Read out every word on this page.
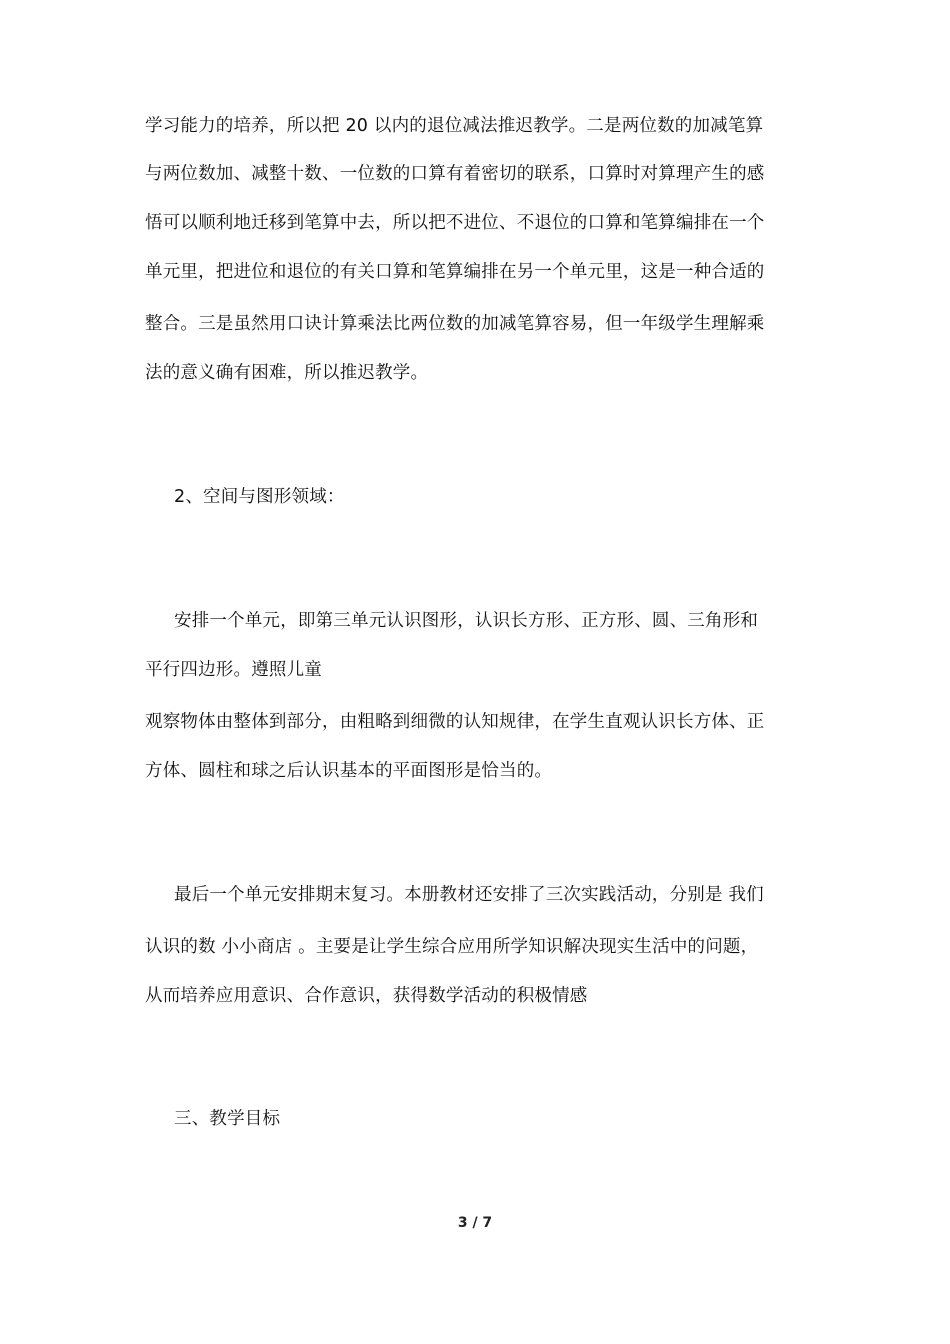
学习能力的培养，所以把 20 以内的退位减法推迟教学。二是两位数的加减笔算
与两位数加、减整十数、一位数的口算有着密切的联系，口算时对算理产生的感
悟可以顺利地迁移到笔算中去，所以把不进位、不退位的口算和笔算编排在一个
单元里，把进位和退位的有关口算和笔算编排在另一个单元里，这是一种合适的
整合。三是虽然用口诀计算乘法比两位数的加减笔算容易，但一年级学生理解乘
法的意义确有困难，所以推迟教学。
2、空间与图形领域：
安排一个单元，即第三单元认识图形，认识长方形、正方形、圆、三角形和
平行四边形。遵照儿童
观察物体由整体到部分，由粗略到细微的认知规律，在学生直观认识长方体、正
方体、圆柱和球之后认识基本的平面图形是恰当的。
最后一个单元安排期末复习。本册教材还安排了三次实践活动，分别是 我们
认识的数 小小商店 。主要是让学生综合应用所学知识解决现实生活中的问题，
从而培养应用意识、合作意识，获得数学活动的积极情感
三、教学目标
3 / 7
